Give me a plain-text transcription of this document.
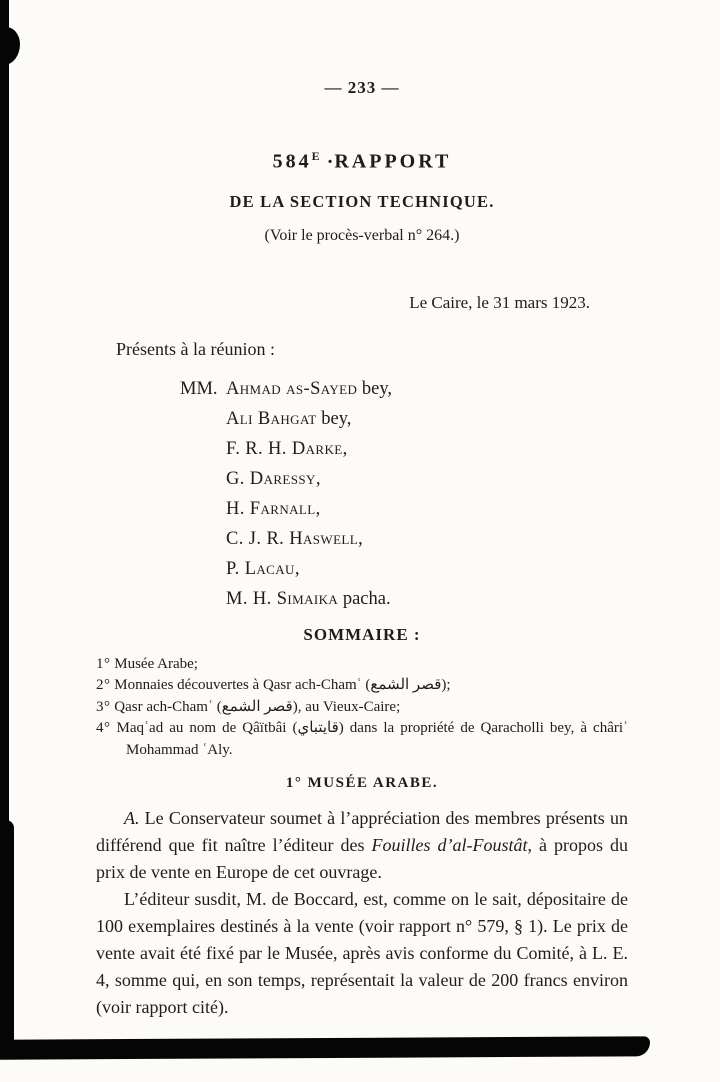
— 233 —
$584^E$ ·RAPPORT
DE LA SECTION TECHNIQUE.
(Voir le procès-verbal n° 264.)
Le Caire, le 31 mars 1923.
Présents à la réunion :
MM. Ahmad as-Sayed bey,
Ali Bahgat bey,
F. R. H. Darke,
G. Daressy,
H. Farnall,
C. J. R. Haswell,
P. Lacau,
M. H. Simaika pacha.
SOMMAIRE :
1° Musée Arabe;
2° Monnaies découvertes à Qasr ach-Chamʿ (قصر الشمع);
3° Qasr ach-Chamʿ (قصر الشمع), au Vieux-Caire;
4° Maqʿad au nom de Qâïtbâi (قايتباي) dans la propriété de Qaracholli bey, à châriʿ Mohammad ʿAly.
1° MUSÉE ARABE.

A. Le Conservateur soumet à l’appréciation des membres présents un différend que fit naître l’éditeur des Fouilles d’al-Foustât, à propos du prix de vente en Europe de cet ouvrage.

L’éditeur susdit, M. de Boccard, est, comme on le sait, dépositaire de 100 exemplaires destinés à la vente (voir rapport n° 579, § 1). Le prix de vente avait été fixé par le Musée, après avis conforme du Comité, à L. E. 4, somme qui, en son temps, représentait la valeur de 200 francs environ (voir rapport cité).
